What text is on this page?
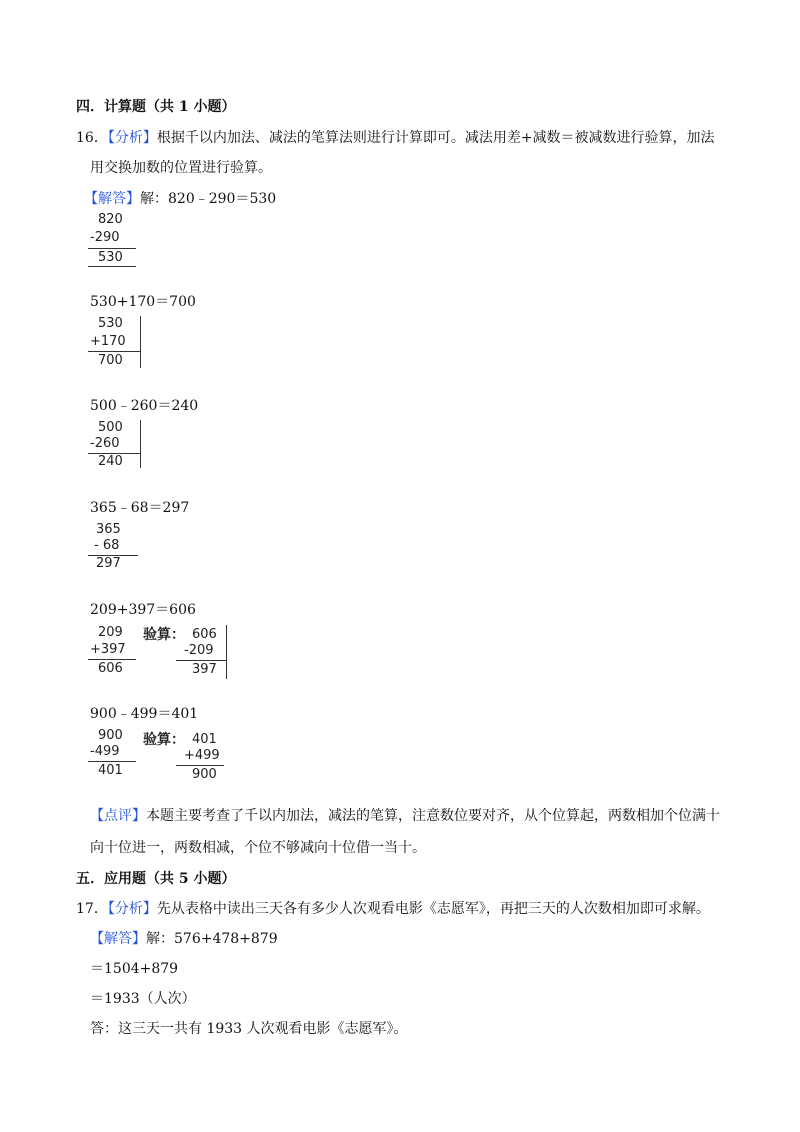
四．计算题（共 1 小题）
16．【分析】根据千以内加法、减法的笔算法则进行计算即可。减法用差+减数＝被减数进行验算，加法
用交换加数的位置进行验算。
【解答】解：820﹣290＝530
820
-290
530
530+170＝700
530
+170
700
500﹣260＝240
500
-260
240
365﹣68＝297
365
- 68
297
209+397＝606
209
+397
606
验算： 606
-209
397
900﹣499＝401
900
-499
401
验算： 401
+499
900
【点评】本题主要考查了千以内加法，减法的笔算，注意数位要对齐，从个位算起，两数相加个位满十
向十位进一，两数相减，个位不够减向十位借一当十。
五．应用题（共 5 小题）
17．【分析】先从表格中读出三天各有多少人次观看电影《志愿军》，再把三天的人次数相加即可求解。
【解答】解：576+478+879
＝1504+879
＝1933（人次）
答：这三天一共有 1933 人次观看电影《志愿军》。
